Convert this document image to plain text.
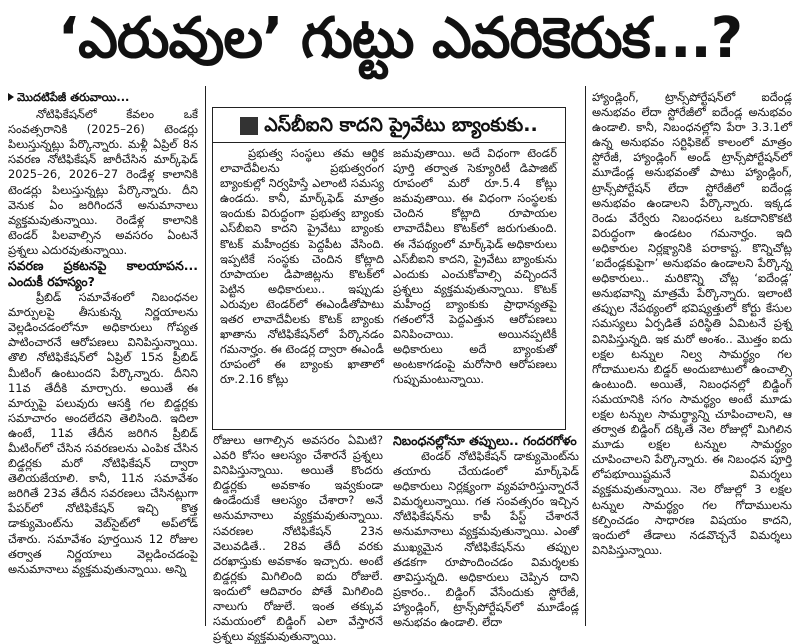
‘ఎరువుల’ గుట్టు ఎవరికెరుక...?

మొదటిపేజీ తరువాయి...

నోటిఫికేషన్‌లో కేవలం ఒకే సంవత్సరానికి (2025–26) టెండర్లు పిలుస్తున్నట్లు పేర్కొన్నారు. మళ్లీ ఏప్రిల్ 8న సవరణ నోటిఫికేషన్ జారీచేసిన మార్క్‌ఫెడ్ 2025–26, 2026–27 రెండేళ్ల కాలానికి టెండర్లు పిలుస్తున్నట్లు పేర్కొన్నారు. దీని వెనుక ఏం జరిగిందనే అనుమానాలు వ్యక్తమవుతున్నాయి. రెండేళ్ల కాలానికి టెండర్ పిలవాల్సిన అవసరం ఏంటనే ప్రశ్నలు ఎదురవుతున్నాయి.

సవరణ ప్రకటనపై కాలయాపన... ఎందుకీ రహస్యం?

ప్రీబిడ్ సమావేశంలో నిబంధనల మార్పులపై తీసుకున్న నిర్ణయాలను వెల్లడించడంలోనూ అధికారులు గోప్యత పాటించారనే ఆరోపణలు వినిపిస్తున్నాయి. తొలి నోటిఫికేషన్‌లో ఏప్రిల్ 15న ప్రీబిడ్ మీటింగ్ ఉంటుందని పేర్కొన్నారు. దీనిని 11వ తేదీకి మార్చారు. అయితే ఈ మార్పుపై పలువురు ఆసక్తి గల బిడ్డర్లకు సమాచారం అందలేదని తెలిసింది. ఇదిలా ఉంటే, 11వ తేదీన జరిగిన ప్రీబిడ్ మీటింగ్‌లో చేసిన సవరణలను ఎంపిక చేసిన బిడ్డర్లకు మరో నోటిఫికేషన్ ద్వారా తెలియజేయాలి. కానీ, 11న సమావేశం జరిగితే 23వ తేదీన సవరణలు చేసినట్లుగా పేపర్‌లో నోటిఫికేషన్ ఇచ్చి కొత్త డాక్యుమెంట్‌ను వెబ్‌సైట్‌లో అప్‌లోడ్ చేశారు. సమావేశం పూర్తయిన 12 రోజుల తర్వాత నిర్ణయాలు వెల్లడించడంపై అనుమానాలు వ్యక్తమవుతున్నాయి. అన్ని

ఎస్‌బీఐని కాదని ప్రైవేటు బ్యాంకుకు..

ప్రభుత్వ సంస్థలు తమ ఆర్థిక లావాదేవీలను ప్రభుత్వరంగ బ్యాంకుల్లో నిర్వహిస్తే ఎలాంటి సమస్య ఉండదు. కానీ, మార్క్‌ఫెడ్ మాత్రం ఇందుకు విరుద్ధంగా ప్రభుత్వ బ్యాంకు ఎస్‌బీఐని కాదని ప్రైవేటు బ్యాంకు కొటక్ మహీంద్రకు పెద్దపీట వేసింది. ఇప్పటికే సంస్థకు చెందిన కోట్లాది రూపాయల డిపాజిట్లను కొటక్‌లో పెట్టిన అధికారులు.. ఇప్పుడు ఎరువుల టెండర్‌లో ఈఎండీతోపాటు ఇతర లావాదేవీలకు కొటక్ బ్యాంకు ఖాతాను నోటిఫికేషన్‌లో పేర్కొనడం గమనార్హం. ఈ టెండర్ల ద్వారా ఈఎండీ రూపంలో ఈ బ్యాంకు ఖాతాలో రూ.2.16 కోట్లు

జమవుతాయి. అదే విధంగా టెండర్ పూర్తి తర్వాత సెక్యూరిటీ డిపాజిట్ రూపంలో మరో రూ.5.4 కోట్లు జమవుతాయి. ఈ విధంగా సంస్థలకు చెందిన కోట్లాది రూపాయల లావాదేవీలు కొటక్‌లో జరుగుతుంది. ఈ నేపథ్యంలో మార్క్‌ఫెడ్ అధికారులు ఎస్‌బీఐని కాదని, ప్రైవేటు బ్యాంకును ఎందుకు ఎంచుకోవాల్సి వచ్చిందనే ప్రశ్నలు వ్యక్తమవుతున్నాయి. కొటక్ మహీంద్ర బ్యాంకుకు ప్రాధాన్యతపై గతంలోనే పెద్దఎత్తున ఆరోపణలు వినిపించాయి. అయినప్పటికీ అధికారులు అదే బ్యాంకుతో అంటకాగడంపై మరోసారి ఆరోపణలు గుప్పుమంటున్నాయి.

రోజులు ఆగాల్సిన అవసరం ఏమిటి? ఎవరి కోసం ఆలస్యం చేశారనే ప్రశ్నలు వినిపిస్తున్నాయి. అయితే కొందరు బిడ్డర్లకు అవకాశం ఇవ్వకుండా ఉండేందుకే ఆలస్యం చేశారా? అనే అనుమానాలు వ్యక్తమవుతున్నాయి. సవరణల నోటిఫికేషన్ 23న వెలువడితే.. 28వ తేదీ వరకు దరఖాస్తుకు అవకాశం ఇచ్చారు. అంటే బిడ్డర్లకు మిగిలింది ఐదు రోజులే. ఇందులో ఆదివారం పోతే మిగిలింది నాలుగు రోజులే. ఇంత తక్కువ సమయంలో బిడ్డింగ్ ఎలా వేస్తారనే ప్రశ్నలు వ్యక్తమవుతున్నాయి.

నిబంధనల్లోనూ తప్పులు.. గందరగోళం

టెండర్ నోటిఫికేషన్ డాక్యుమెంట్‌ను తయారు చేయడంలో మార్క్‌ఫెడ్ అధికారులు నిర్లక్ష్యంగా వ్యవహరిస్తున్నారనే విమర్శలున్నాయి. గత సంవత్సరం ఇచ్చిన నోటిఫికేషన్‌ను కాపీ పేస్ట్ చేశారనే అనుమానాలు వ్యక్తమవుతున్నాయి. ఎంతో ముఖ్యమైన నోటిఫికేషన్‌ను తప్పుల తడకగా రూపొందించడం విమర్శలకు తావిస్తున్నది. అధికారులు చెప్పిన దాని ప్రకారం.. బిడ్డింగ్ వేసేందుకు స్టోరేజీ, హ్యాండ్లింగ్, ట్రాన్స్‌పోర్టేషన్‌లో మూడేండ్ల అనుభవం ఉండాలి. లేదా

హ్యాండ్లింగ్, ట్రాన్స్‌పోర్టేషన్‌లో ఐదేండ్ల అనుభవం లేదా స్టోరేజీలో ఐదేండ్ల అనుభవం ఉండాలి. కానీ, నిబంధనల్లోని పేరా 3.3.1లో ఉన్న అనుభవం సర్టిఫికెట్ కాలంలో మాత్రం స్టోరేజీ, హ్యాండ్లింగ్ అండ్ ట్రాన్స్‌పోర్టేషన్‌లో మూడేండ్ల అనుభవంతో పాటు హ్యాండ్లింగ్, ట్రాన్స్‌పోర్టేషన్ లేదా స్టోరేజీలో ఐదేండ్ల అనుభవం ఉండాలని పేర్కొన్నారు. ఇక్కడ రెండు వేర్వేరు నిబంధనలు ఒకదానికొకటి విరుద్ధంగా ఉండటం గమనార్హం. ఇది అధికారుల నిర్లక్ష్యానికి పరాకాష్ట. కొన్నిచోట్ల ‘ఐదేండ్లకుపైగా’ అనుభవం ఉండాలని పేర్కొన్న అధికారులు.. మరికొన్ని చోట్ల ‘ఐదేండ్ల’ అనుభవాన్ని మాత్రమే పేర్కొన్నారు. ఇలాంటి తప్పుల నేపథ్యంలో భవిష్యత్తులో కోర్టు కేసుల సమస్యలు ఏర్పడితే పరిస్థితి ఏమిటనే ప్రశ్న వినిపిస్తున్నది. ఇక మరో అంశం.. మొత్తం ఐదు లక్షల టన్నుల నిల్వ సామర్థ్యం గల గోదాములను బిడ్డర్ అందుబాటులో ఉంచాల్సి ఉంటుంది. అయితే, నిబంధనల్లో బిడ్డింగ్ సమయానికి సగం సామర్థ్యం అంటే మూడు లక్షల టన్నుల సామర్థ్యాన్ని చూపించాలని, ఆ తర్వాత బిడ్డింగ్ దక్కితే నెల రోజుల్లో మిగిలిన మూడు లక్షల టన్నుల సామర్థ్యం చూపించాలని పేర్కొన్నారు. ఈ నిబంధన పూర్తి లోపభూయిష్టమనే విమర్శలు వ్యక్తమవుతున్నాయి. నెల రోజుల్లో 3 లక్షల టన్నుల సామర్థ్యం గల గోదాములను కల్పించడం సాధారణ విషయం కాదని, ఇందులో తేడాలు నడవొచ్చనే విమర్శలు వినిపిస్తున్నాయి.
